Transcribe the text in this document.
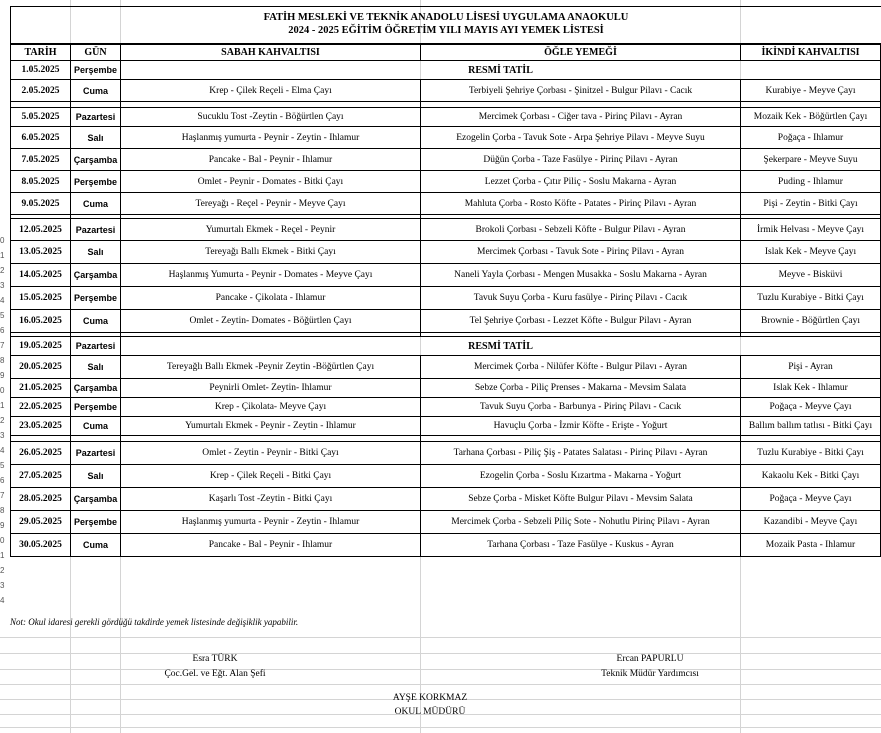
0
1
2
3
4
5
6
7
8
9
0
1
2
3
4
5
6
7
8
9
0
1
2
3
4
FATİH MESLEKİ VE TEKNİK ANADOLU LİSESİ UYGULAMA ANAOKULU
2024 - 2025 EĞİTİM ÖĞRETİM YILI MAYIS AYI YEMEK LİSTESİ
TARİH	GÜN	SABAH KAHVALTISI	ÖĞLE YEMEĞİ	İKİNDİ KAHVALTISI
1.05.2025	Perşembe	RESMİ TATİL		
2.05.2025	Cuma	Krep - Çilek Reçeli - Elma Çayı	Terbiyeli Şehriye Çorbası - Şinitzel - Bulgur Pilavı - Cacık	Kurabiye - Meyve Çayı

5.05.2025	Pazartesi	Sucuklu Tost -Zeytin - Böğürtlen Çayı	Mercimek Çorbası - Ciğer tava - Pirinç Pilavı - Ayran	Mozaik Kek - Böğürtlen Çayı
6.05.2025	Salı	Haşlanmış yumurta - Peynir - Zeytin - Ihlamur	Ezogelin Çorba - Tavuk Sote - Arpa Şehriye Pilavı - Meyve Suyu	Poğaça - Ihlamur
7.05.2025	Çarşamba	Pancake - Bal - Peynir - Ihlamur	Düğün Çorba - Taze Fasülye - Pirinç Pilavı - Ayran	Şekerpare - Meyve Suyu
8.05.2025	Perşembe	Omlet - Peynir - Domates - Bitki Çayı	Lezzet Çorba - Çıtır Piliç - Soslu Makarna - Ayran	Puding - Ihlamur
9.05.2025	Cuma	Tereyağı - Reçel - Peynir - Meyve Çayı	Mahluta Çorba - Rosto Köfte - Patates - Pirinç Pilavı - Ayran	Pişi - Zeytin - Bitki Çayı

12.05.2025	Pazartesi	Yumurtalı Ekmek - Reçel - Peynir	Brokoli Çorbası - Sebzeli Köfte - Bulgur Pilavı - Ayran	İrmik Helvası - Meyve Çayı
13.05.2025	Salı	Tereyağı Ballı Ekmek - Bitki Çayı	Mercimek Çorbası - Tavuk Sote - Pirinç Pilavı - Ayran	Islak Kek - Meyve Çayı
14.05.2025	Çarşamba	Haşlanmış Yumurta - Peynir - Domates - Meyve Çayı	Naneli Yayla Çorbası - Mengen Musakka - Soslu Makarna - Ayran	Meyve - Bisküvi
15.05.2025	Perşembe	Pancake - Çikolata - Ihlamur	Tavuk Suyu Çorba - Kuru fasülye - Pirinç Pilavı - Cacık	Tuzlu Kurabiye - Bitki Çayı
16.05.2025	Cuma	Omlet - Zeytin- Domates - Böğürtlen Çayı	Tel Şehriye Çorbası - Lezzet Köfte - Bulgur Pilavı - Ayran	Brownie - Böğürtlen Çayı

19.05.2025	Pazartesi	RESMİ TATİL		
20.05.2025	Salı	Tereyağlı Ballı Ekmek -Peynir Zeytin -Böğürtlen Çayı	Mercimek Çorba - Nilüfer Köfte - Bulgur Pilavı - Ayran	Pişi - Ayran
21.05.2025	Çarşamba	Peynirli Omlet- Zeytin- Ihlamur	Sebze Çorba - Piliç Prenses - Makarna - Mevsim Salata	Islak Kek - Ihlamur
22.05.2025	Perşembe	Krep - Çikolata- Meyve Çayı	Tavuk Suyu Çorba - Barbunya - Pirinç Pilavı - Cacık	Poğaça - Meyve Çayı
23.05.2025	Cuma	Yumurtalı Ekmek - Peynir - Zeytin - Ihlamur	Havuçlu Çorba - İzmir Köfte - Erişte - Yoğurt	Ballım ballım tatlısı - Bitki Çayı

26.05.2025	Pazartesi	Omlet - Zeytin - Peynir - Bitki Çayı	Tarhana Çorbası - Piliç Şiş - Patates Salatası - Pirinç Pilavı - Ayran	Tuzlu Kurabiye - Bitki Çayı
27.05.2025	Salı	Krep - Çilek Reçeli - Bitki Çayı	Ezogelin Çorba - Soslu Kızartma - Makarna - Yoğurt	Kakaolu Kek - Bitki Çayı
28.05.2025	Çarşamba	Kaşarlı Tost -Zeytin - Bitki Çayı	Sebze Çorba - Misket Köfte Bulgur Pilavı - Mevsim Salata	Poğaça - Meyve Çayı
29.05.2025	Perşembe	Haşlanmış yumurta - Peynir - Zeytin - Ihlamur	Mercimek Çorba - Sebzeli Piliç Sote - Nohutlu Pirinç Pilavı - Ayran	Kazandibi - Meyve Çayı
30.05.2025	Cuma	Pancake - Bal - Peynir - Ihlamur	Tarhana Çorbası - Taze Fasülye - Kuskus - Ayran	Mozaik Pasta - Ihlamur
Not: Okul idaresi gerekli gördüğü takdirde yemek listesinde değişiklik yapabilir.
Esra TÜRK
Çoc.Gel. ve Eğt. Alan Şefi
Ercan PAPURLU
Teknik Müdür Yardımcısı
AYŞE KORKMAZ
OKUL MÜDÜRÜ
